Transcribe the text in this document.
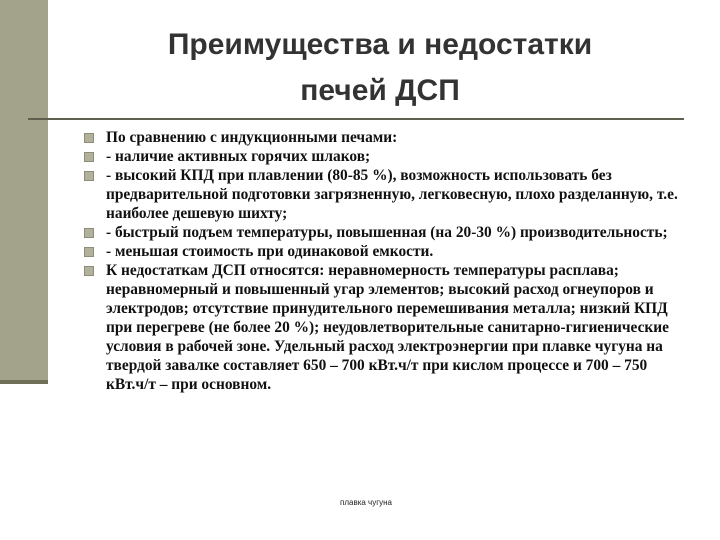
Преимущества и недостатки
печей ДСП
По сравнению с индукционными печами:
- наличие активных горячих шлаков;
- высокий КПД при плавлении (80-85 %), возможность использовать без предварительной подготовки загрязненную, легковесную, плохо разделанную, т.е. наиболее дешевую шихту;
- быстрый подъем температуры, повышенная (на 20-30 %) производительность;
- меньшая стоимость при одинаковой емкости.
К недостаткам ДСП относятся: неравномерность температуры расплава; неравномерный и повышенный угар элементов; высокий расход огнеупоров и электродов; отсутствие принудительного перемешивания металла; низкий КПД при перегреве (не более 20 %); неудовлетворительные санитарно-гигиенические условия в рабочей зоне. Удельный расход электроэнергии при плавке чугуна на твердой завалке составляет 650 – 700 кВт.ч/т при кислом процессе и 700 – 750 кВт.ч/т – при основном.
плавка чугуна
